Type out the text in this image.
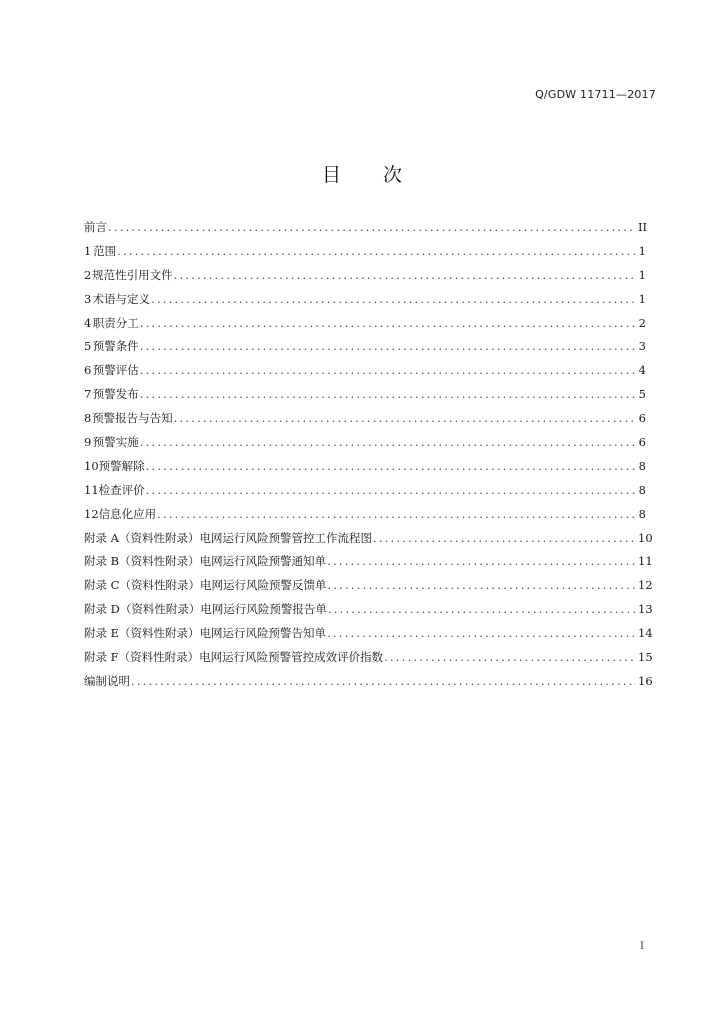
Q/GDW 11711—2017
目 次
前 言 .....	II
1 范围 .....	1
2 规范性引用文件 .....	1
3 术语与定义 .....	1
4 职责分工 .....	2
5 预警条件 .....	3
6 预警评估 .....	4
7 预警发布 .....	5
8 预警报告与告知 .....	6
9 预警实施 .....	6
10 预警解除 .....	8
11 检查评价 .....	8
12 信息化应用 .....	8
附录 A（资料性附录） 电网运行风险预警管控工作流程图 .....	10
附录 B（资料性附录） 电网运行风险预警通知单 .....	11
附录 C（资料性附录） 电网运行风险预警反馈单 .....	12
附录 D（资料性附录） 电网运行风险预警报告单 .....	13
附录 E（资料性附录） 电网运行风险预警告知单 .....	14
附录 F（资料性附录） 电网运行风险预警管控成效评价指数 .....	15
编制说明 .....	16
I
